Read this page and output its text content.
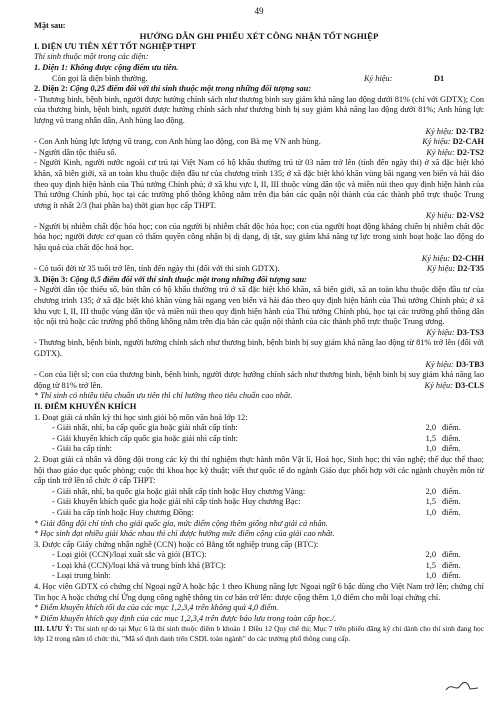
49
Mặt sau:
HƯỚNG DẪN GHI PHIẾU XÉT CÔNG NHẬN TỐT NGHIỆP
I. DIỆN ƯU TIÊN XÉT TỐT NGHIỆP THPT
Thí sinh thuộc một trong các diện:
1. Diện 1: Không được cộng điểm ưu tiên.
Còn gọi là diện bình thường.	Ký hiệu:	D1
2. Diện 2: Cộng 0,25 điểm đối với thí sinh thuộc một trong những đối tượng sau:
- Thương binh, bệnh binh, người được hưởng chính sách như thương binh suy giảm khả năng lao động dưới 81% (chỉ với GDTX); Con của thương binh, bệnh binh, người được hưởng chính sách như thương binh bị suy giảm khả năng lao động dưới 81%; Anh hùng lực lượng vũ trang nhân dân, Anh hùng lao động.
Ký hiệu: D2-TB2
- Con Anh hùng lực lượng vũ trang, con Anh hùng lao động, con Bà mẹ VN anh hùng.	Ký hiệu: D2-CAH
- Người dân tộc thiểu số.	Ký hiệu: D2-TS2
- Người Kinh, người nước ngoài cư trú tại Việt Nam có hộ khẩu thường trú từ 03 năm trở lên (tính đến ngày thi) ở xã đặc biệt khó khăn, xã biên giới, xã an toàn khu thuộc diện đầu tư của chương trình 135; ở xã đặc biệt khó khăn vùng bãi ngang ven biển và hải đảo theo quy định hiện hành của Thủ tướng Chính phủ; ở xã khu vực I, II, III thuộc vùng dân tộc và miền núi theo quy định hiện hành của Thủ tướng Chính phủ, học tại các trường phổ thông không nằm trên địa bàn các quận nội thành của các thành phố trực thuộc Trung ương ít nhất 2/3 (hai phần ba) thời gian học cấp THPT.
Ký hiệu: D2-VS2
- Người bị nhiễm chất độc hóa học; con của người bị nhiễm chất độc hóa học; con của người hoạt động kháng chiến bị nhiễm chất độc hóa học; người được cơ quan có thẩm quyền công nhận bị dị dạng, dị tật, suy giảm khả năng tự lực trong sinh hoạt hoặc lao động do hậu quả của chất độc hoá học.
Ký hiệu: D2-CHH
- Có tuổi đời từ 35 tuổi trở lên, tính đến ngày thi (đối với thí sinh GDTX).	Ký hiệu: D2-T35
3. Diện 3: Cộng 0,5 điểm đối với thí sinh thuộc một trong những đối tượng sau:
- Người dân tộc thiểu số, bản thân có hộ khẩu thường trú ở xã đặc biệt khó khăn, xã biên giới, xã an toàn khu thuộc diện đầu tư của chương trình 135; ở xã đặc biệt khó khăn vùng bãi ngang ven biển và hải đảo theo quy định hiện hành của Thủ tướng Chính phủ; ở xã khu vực I, II, III thuộc vùng dân tộc và miền núi theo quy định hiện hành của Thủ tướng Chính phủ, học tại các trường phổ thông dân tộc nội trú hoặc các trường phổ thông không nằm trên địa bàn các quận nội thành của các thành phố trực thuộc Trung ương.
Ký hiệu: D3-TS3
- Thương binh, bệnh binh, người hưởng chính sách như thương binh, bệnh binh bị suy giảm khả năng lao động từ 81% trở lên (đối với GDTX).
Ký hiệu: D3-TB3
- Con của liệt sĩ; con của thương binh, bệnh binh, người được hưởng chính sách như thương binh, bệnh binh bị suy giảm khả năng lao động từ 81% trở lên.	Ký hiệu: D3-CLS
* Thí sinh có nhiều tiêu chuẩn ưu tiên thì chỉ hưởng theo tiêu chuẩn cao nhất.
II. ĐIỂM KHUYẾN KHÍCH
1. Đoạt giải cá nhân kỳ thi học sinh giỏi bộ môn văn hoá lớp 12:
- Giải nhất, nhì, ba cấp quốc gia hoặc giải nhất cấp tỉnh:	2,0 điểm.
- Giải khuyến khích cấp quốc gia hoặc giải nhì cấp tỉnh:	1,5 điểm.
- Giải ba cấp tỉnh:	1,0 điểm.
2. Đoạt giải cá nhân và đồng đội trong các kỳ thi thí nghiệm thực hành môn Vật lí, Hoá học, Sinh học; thi văn nghệ; thể dục thể thao; hội thao giáo dục quốc phòng; cuộc thi khoa học kỹ thuật; viết thư quốc tế do ngành Giáo dục phối hợp với các ngành chuyên môn từ cấp tỉnh trở lên tổ chức ở cấp THPT:
- Giải nhất, nhì, ba quốc gia hoặc giải nhất cấp tỉnh hoặc Huy chương Vàng:	2,0 điểm.
- Giải khuyến khích quốc gia hoặc giải nhì cấp tỉnh hoặc Huy chương Bạc:	1,5 điểm.
- Giải ba cấp tỉnh hoặc Huy chương Đồng:	1,0 điểm.
* Giải đồng đội chỉ tính cho giải quốc gia, mức điểm cộng thêm giống như giải cá nhân.
* Học sinh đạt nhiều giải khác nhau thì chỉ được hưởng mức điểm cộng của giải cao nhất.
3. Được cấp Giấy chứng nhận nghề (CCN) hoặc có Bằng tốt nghiệp trung cấp (BTC):
- Loại giỏi (CCN)/loại xuất sắc và giỏi (BTC):	2,0 điểm.
- Loại khá (CCN)/loại khá và trung bình khá (BTC):	1,5 điểm.
- Loại trung bình:	1,0 điểm.
4. Học viên GDTX có chứng chỉ Ngoại ngữ A hoặc bậc 1 theo Khung năng lực Ngoại ngữ 6 bậc dùng cho Việt Nam trở lên; chứng chỉ Tin học A hoặc chứng chỉ Ứng dụng công nghệ thông tin cơ bản trở lên: được cộng thêm 1,0 điểm cho mỗi loại chứng chỉ.
* Điểm khuyến khích tối đa của các mục 1,2,3,4 trên không quá 4,0 điểm.
* Điểm khuyến khích quy định của các mục 1,2,3,4 trên được bảo lưu trong toàn cấp học./.
III. LƯU Ý: Thí sinh tự do tại Mục 6 là thí sinh thuộc điểm b khoản 1 Điều 12 Quy chế thi; Mục 7 trên phiếu đăng ký chỉ dành cho thí sinh đang học lớp 12 trong năm tổ chức thi, "Mã số định danh trên CSDL toàn ngành" do các trường phổ thông cung cấp.
